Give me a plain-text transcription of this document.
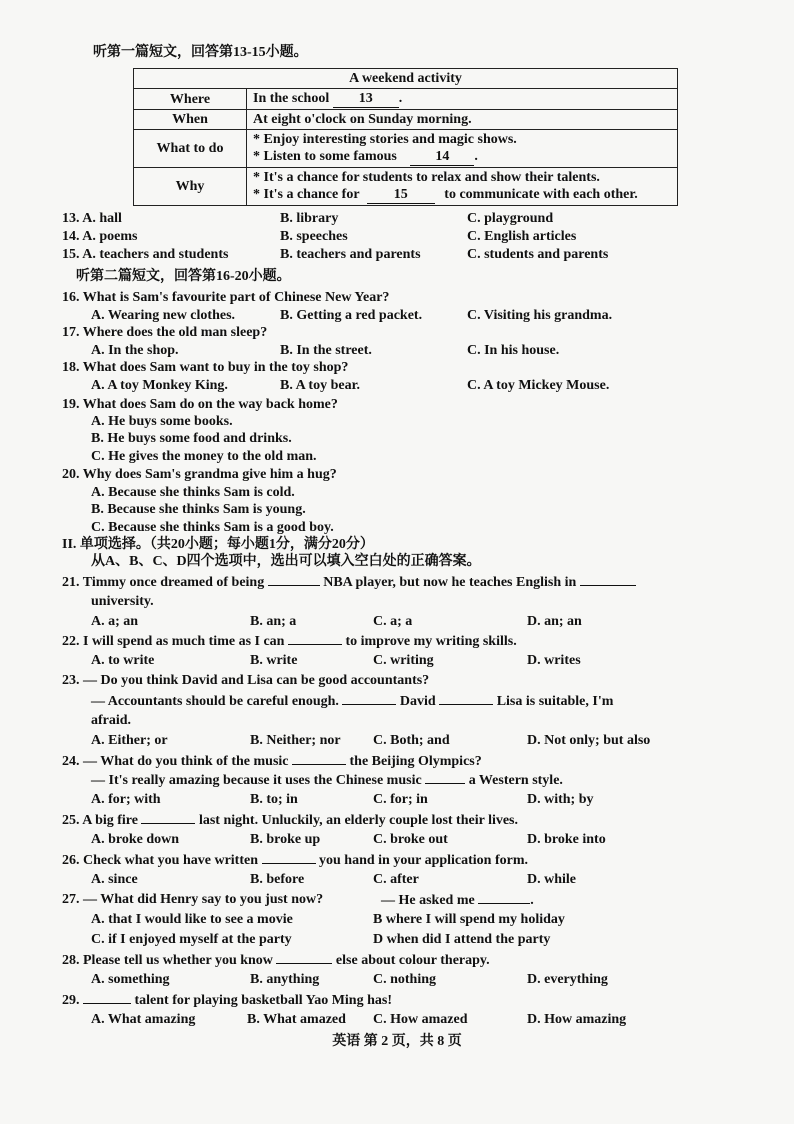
听第一篇短文，回答第13-15小题。
A weekend activity	
Where	In the school 13 .
When	At eight o'clock on Sunday morning.
What to do	* Enjoy interesting stories and magic shows.
* Listen to some famous 14 .

Why	* It's a chance for students to relax and show their talents.
* It's a chance for 15 to communicate with each other.
13. A. hall	B. library	C. playground
14. A. poems	B. speeches	C. English articles
15. A. teachers and students	B. teachers and parents	C. students and parents
听第二篇短文，回答第16-20小题。
16. What is Sam's favourite part of Chinese New Year?
A. Wearing new clothes.	B. Getting a red packet.	C. Visiting his grandma.
17. Where does the old man sleep?
A. In the shop.	B. In the street.	C. In his house.
18. What does Sam want to buy in the toy shop?
A. A toy Monkey King.	B. A toy bear.	C. A toy Mickey Mouse.
19. What does Sam do on the way back home?
A. He buys some books.
B. He buys some food and drinks.
C. He gives the money to the old man.
20. Why does Sam's grandma give him a hug?
A. Because she thinks Sam is cold.
B. Because she thinks Sam is young.
C. Because she thinks Sam is a good boy.
II. 单项选择。（共20小题；每小题1分，满分20分）
从A、B、C、D四个选项中，选出可以填入空白处的正确答案。
21. Timmy once dreamed of being	NBA player, but now he teaches English in
university.
A. a; an	B. an; a	C. a; a	D. an; an
22. I will spend as much time as I can	to improve my writing skills.
A. to write	B. write	C. writing	D. writes
23. — Do you think David and Lisa can be good accountants?
— Accountants should be careful enough.	David	Lisa is suitable, I'm
afraid.
A. Either; or	B. Neither; nor C. Both; and	D. Not only; but also
24. — What do you think of the music	the Beijing Olympics?
— It's really amazing because it uses the Chinese music	a Western style.
A. for; with	B. to; in	C. for; in	D. with; by
25. A big fire	last night. Unluckily, an elderly couple lost their lives.
A. broke down	B. broke up	C. broke out	D. broke into
26. Check what you have written	you hand in your application form.
A. since	B. before	C. after	D. while
27. — What did Henry say to you just now?	— He asked me	.
A. that I would like to see a movie	B where I will spend my holiday
C. if I enjoyed myself at the party	D when did I attend the party
28. Please tell us whether you know	else about colour therapy.
A. something	B. anything	C. nothing	D. everything
29.	talent for playing basketball Yao Ming has!
A. What amazing	B. What amazed C. How amazed	D. How amazing
英语 第 2 页，共 8 页
